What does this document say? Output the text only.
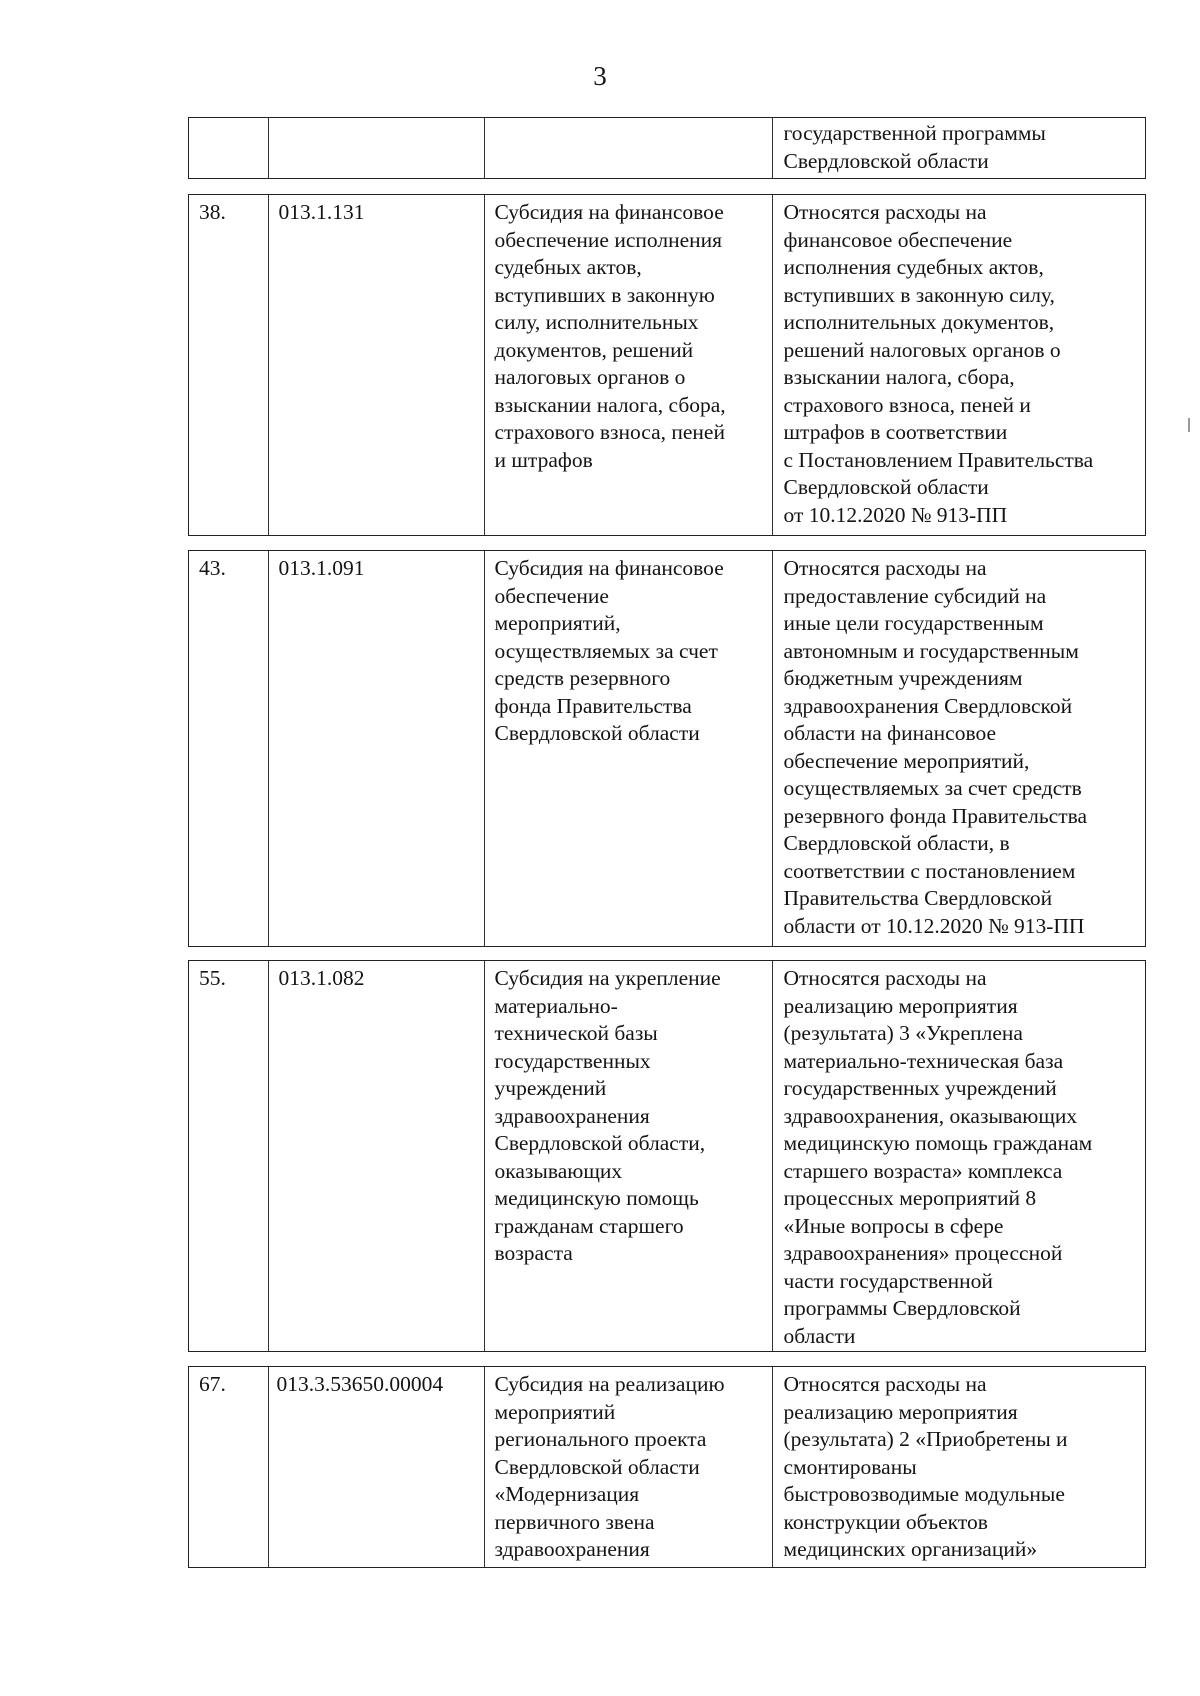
3
			государственной программы
Свердловской области
38.	013.1.131	Субсидия на финансовое
обеспечение исполнения
судебных актов,
вступивших в законную
силу, исполнительных
документов, решений
налоговых органов о
взыскании налога, сбора,
страхового взноса, пеней
и штрафов	Относятся расходы на
финансовое обеспечение
исполнения судебных актов,
вступивших в законную силу,
исполнительных документов,
решений налоговых органов о
взыскании налога, сбора,
страхового взноса, пеней и
штрафов в соответствии
с Постановлением Правительства
Свердловской области
от 10.12.2020 № 913-ПП
43.	013.1.091	Субсидия на финансовое
обеспечение
мероприятий,
осуществляемых за счет
средств резервного
фонда Правительства
Свердловской области	Относятся расходы на
предоставление субсидий на
иные цели государственным
автономным и государственным
бюджетным учреждениям
здравоохранения Свердловской
области на финансовое
обеспечение мероприятий,
осуществляемых за счет средств
резервного фонда Правительства
Свердловской области, в
соответствии с постановлением
Правительства Свердловской
области от 10.12.2020 № 913-ПП
55.	013.1.082	Субсидия на укрепление
материально-
технической базы
государственных
учреждений
здравоохранения
Свердловской области,
оказывающих
медицинскую помощь
гражданам старшего
возраста	Относятся расходы на
реализацию мероприятия
(результата) 3 «Укреплена
материально-техническая база
государственных учреждений
здравоохранения, оказывающих
медицинскую помощь гражданам
старшего возраста» комплекса
процессных мероприятий 8
«Иные вопросы в сфере
здравоохранения» процессной
части государственной
программы Свердловской
области
67.	013.3.53650.00004	Субсидия на реализацию
мероприятий
регионального проекта
Свердловской области
«Модернизация
первичного звена
здравоохранения	Относятся расходы на
реализацию мероприятия
(результата) 2 «Приобретены и
смонтированы
быстровозводимые модульные
конструкции объектов
медицинских организаций»
